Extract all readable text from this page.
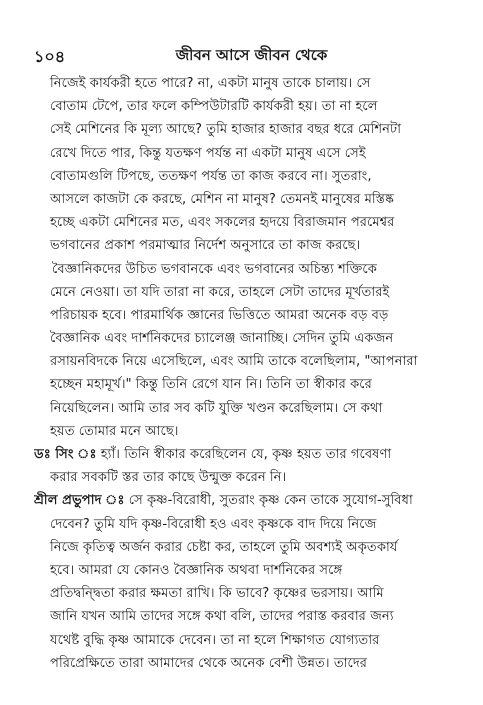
১০৪	জীবন আসে জীবন থেকে
নিজেই কার্যকরী হতে পারে? না, একটা মানুষ তাকে চালায়। সে
বোতাম টেপে, তার ফলে কম্পিউটারটি কার্যকরী হয়। তা না হলে
সেই মেশিনের কি মূল্য আছে? তুমি হাজার হাজার বছর ধরে মেশিনটা
রেখে দিতে পার, কিন্তু যতক্ষণ পর্যন্ত না একটা মানুষ এসে সেই
বোতামগুলি টিপছে, ততক্ষণ পর্যন্ত তা কাজ করবে না। সুতরাং,
আসলে কাজটা কে করছে, মেশিন না মানুষ? তেমনই মানুষের মস্তিষ্ক
হচ্ছে একটা মেশিনের মত, এবং সকলের হৃদয়ে বিরাজমান পরমেশ্বর
ভগবানের প্রকাশ পরমাত্মার নির্দেশ অনুসারে তা কাজ করছে।
বৈজ্ঞানিকদের উচিত ভগবানকে এবং ভগবানের অচিন্ত্য শক্তিকে
মেনে নেওয়া। তা যদি তারা না করে, তাহলে সেটা তাদের মূর্খতারই
পরিচায়ক হবে। পারমার্থিক জ্ঞানের ভিত্তিতে আমরা অনেক বড় বড়
বৈজ্ঞানিক এবং দার্শনিকদের চ্যালেঞ্জ জানাচ্ছি। সেদিন তুমি একজন
রসায়নবিদকে নিয়ে এসেছিলে, এবং আমি তাকে বলেছিলাম, "আপনারা
হচ্ছেন মহামূর্খ।" কিন্তু তিনি রেগে যান নি। তিনি তা স্বীকার করে
নিয়েছিলেন। আমি তার সব কটি যুক্তি খণ্ডন করেছিলাম। সে কথা
হয়ত তোমার মনে আছে।
ডঃ সিং ঃ হ্যাঁ। তিনি স্বীকার করেছিলেন যে, কৃষ্ণ হয়ত তার গবেষণা
করার সবকটি স্তর তার কাছে উন্মুক্ত করেন নি।
শ্রীল প্রভুপাদ ঃ সে কৃষ্ণ-বিরোধী, সুতরাং কৃষ্ণ কেন তাকে সুযোগ-সুবিধা
দেবেন? তুমি যদি কৃষ্ণ-বিরোধী হও এবং কৃষ্ণকে বাদ দিয়ে নিজে
নিজে কৃতিত্ব অর্জন করার চেষ্টা কর, তাহলে তুমি অবশ্যই অকৃতকার্য
হবে। আমরা যে কোনও বৈজ্ঞানিক অথবা দার্শনিকের সঙ্গে
প্রতিদ্বন্দ্বিতা করার ক্ষমতা রাখি। কি ভাবে? কৃষ্ণের ভরসায়। আমি
জানি যখন আমি তাদের সঙ্গে কথা বলি, তাদের পরাস্ত করবার জন্য
যথেষ্ট বুদ্ধি কৃষ্ণ আমাকে দেবেন। তা না হলে শিক্ষাগত যোগ্যতার
পরিপ্রেক্ষিতে তারা আমাদের থেকে অনেক বেশী উন্নত। তাদের
